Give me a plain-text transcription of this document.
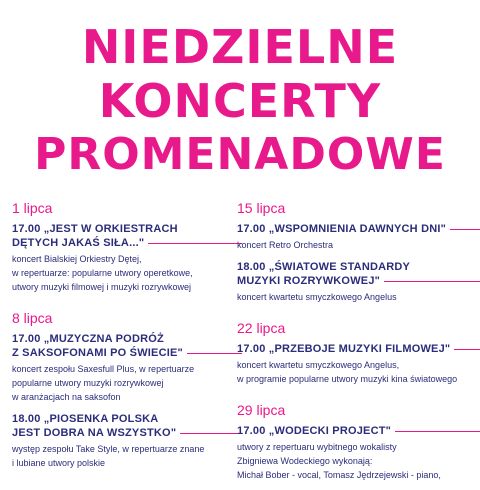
NIEDZIELNE
KONCERTY
PROMENADOWE
1 lipca
17.00 „JEST W ORKIESTRACH
DĘTYCH JAKAŚ SIŁA..."
koncert Bialskiej Orkiestry Dętej,
w repertuarze: popularne utwory operetkowe,
utwory muzyki filmowej i muzyki rozrywkowej
8 lipca
17.00 „MUZYCZNA PODRÓŻ
Z SAKSOFONAMI PO ŚWIECIE"
koncert zespołu Saxesfull Plus, w repertuarze
popularne utwory muzyki rozrywkowej
w aranżacjach na saksofon
18.00 „PIOSENKA POLSKA
JEST DOBRA NA WSZYSTKO"
występ zespołu Take Style, w repertuarze znane
i lubiane utwory polskie
15 lipca
17.00 „WSPOMNIENIA DAWNYCH DNI"
koncert Retro Orchestra
18.00 „ŚWIATOWE STANDARDY
MUZYKI ROZRYWKOWEJ"
koncert kwartetu smyczkowego Angelus
22 lipca
17.00 „PRZEBOJE MUZYKI FILMOWEJ"
koncert kwartetu smyczkowego Angelus,
w programie popularne utwory muzyki kina światowego
29 lipca
17.00 „WODECKI PROJECT"
utwory z repertuaru wybitnego wokalisty
Zbigniewa Wodeckiego wykonają:
Michał Bober - vocal, Tomasz Jędrzejewski - piano,
